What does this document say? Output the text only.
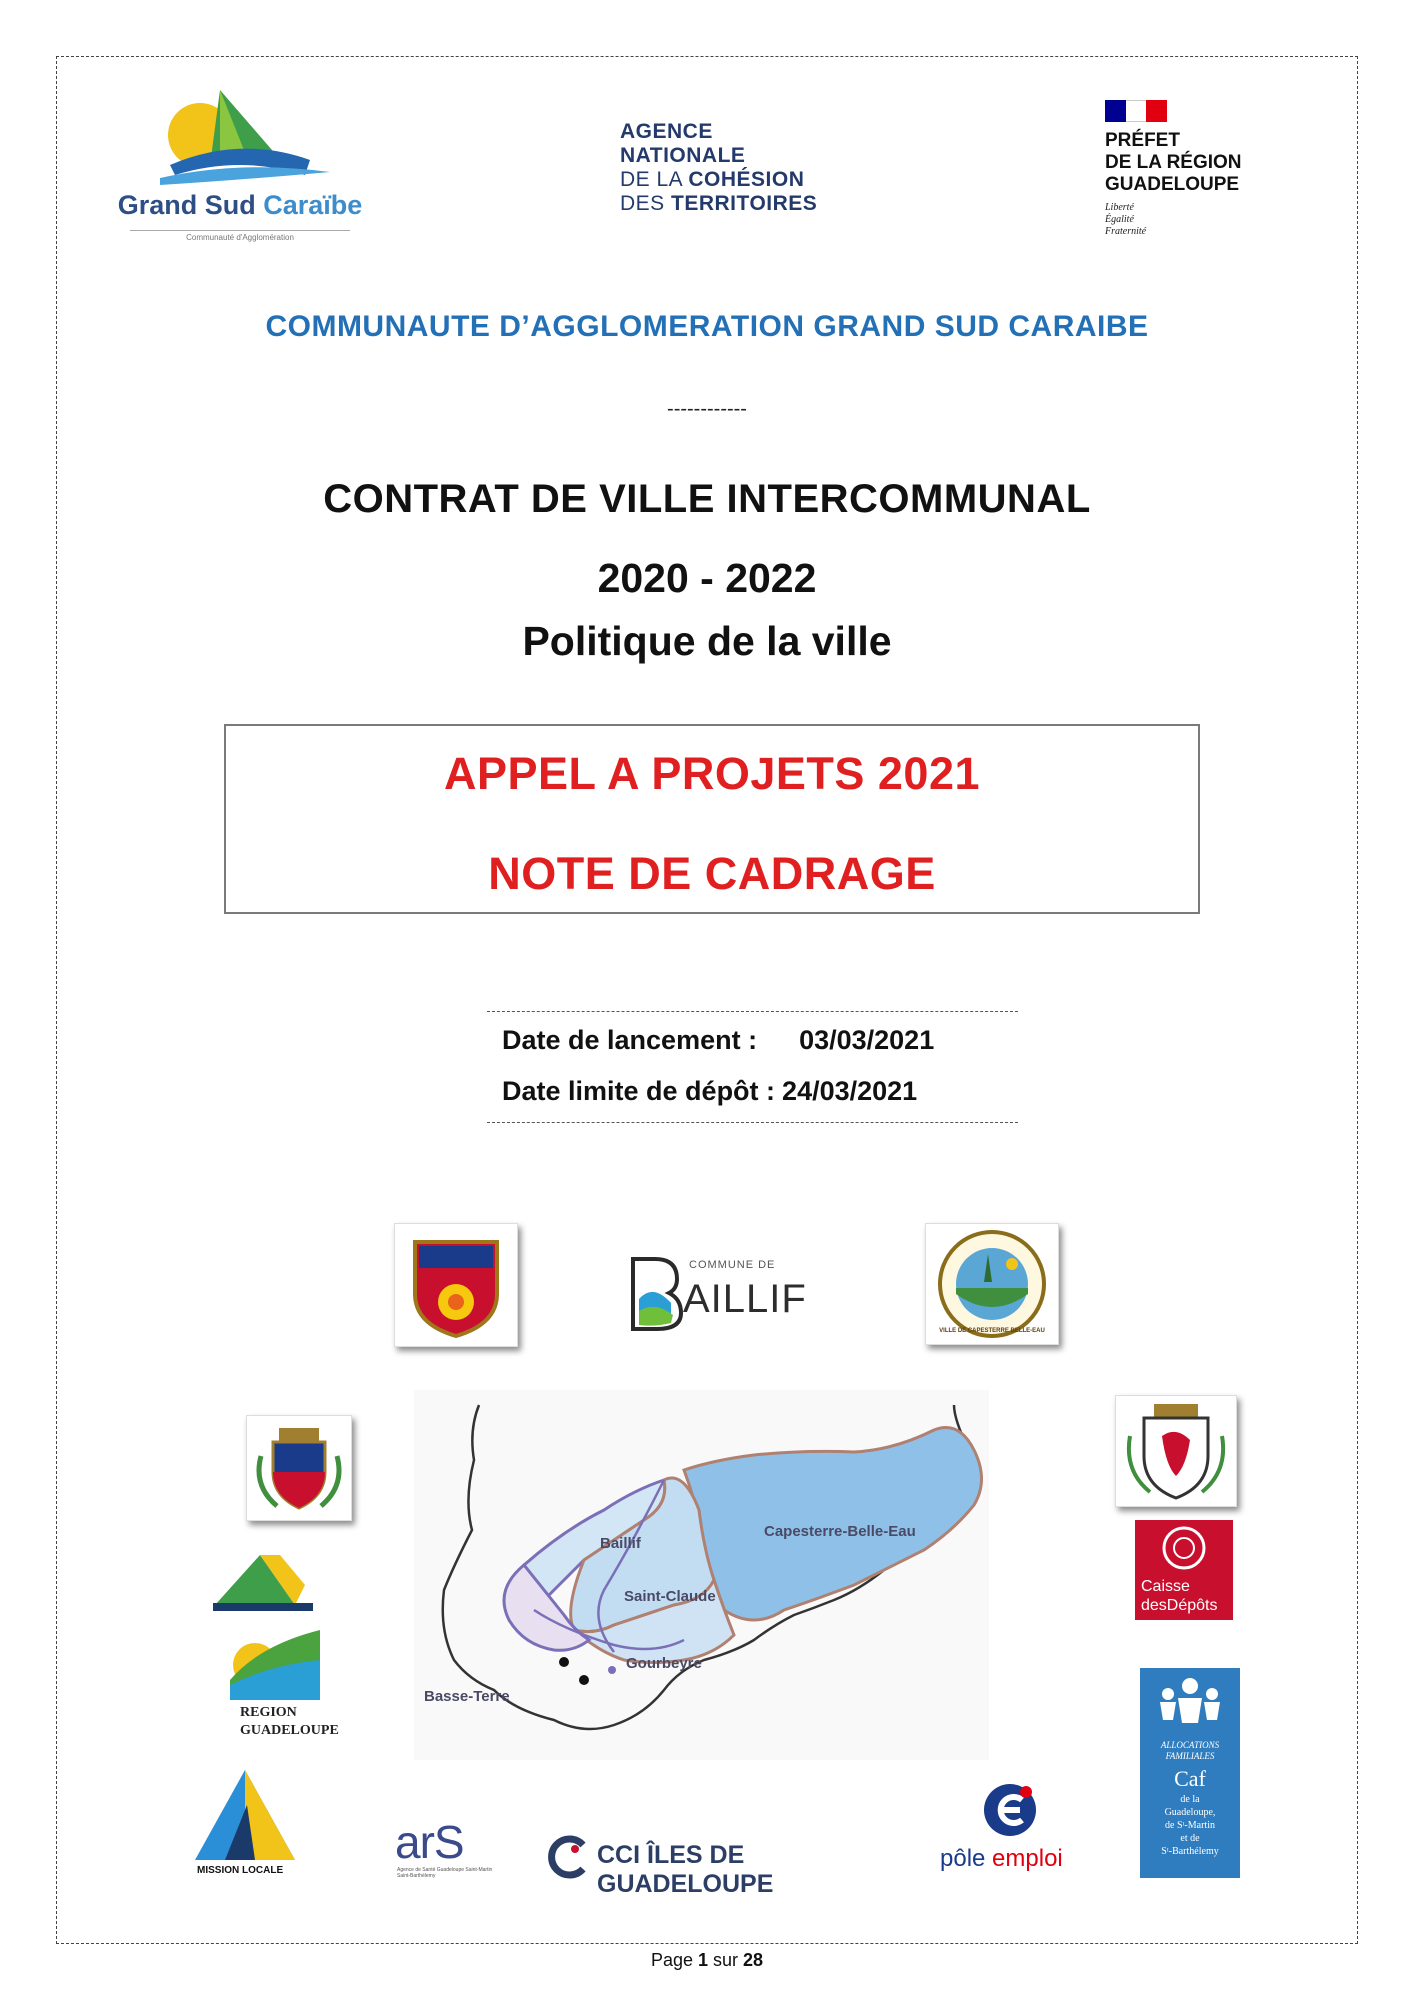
Grand Sud Caraïbe
Communauté d'Agglomération
AGENCE
NATIONALE
DE LA COHÉSION
DES TERRITOIRES
PRÉFET
DE LA RÉGION
GUADELOUPE
Liberté
Égalité
Fraternité
COMMUNAUTE D’AGGLOMERATION GRAND SUD CARAIBE
------------
CONTRAT DE VILLE INTERCOMMUNAL
2020 - 2022
Politique de la ville
APPEL A PROJETS 2021
NOTE DE CADRAGE
Date de lancement : 03/03/2021
Date limite de dépôt : 24/03/2021
COMMUNE DE
AILLIF
VILLE DE CAPESTERRE BELLE-EAU
Baillif
Saint-Claude
Capesterre-Belle-Eau
Gourbeyre
Basse-Terre
REGION
GUADELOUPE
MISSION LOCALE
Caisse
desDépôts
ALLOCATIONS
FAMILIALES
Caf
de la
Guadeloupe,
de Sᵗ-Martin
et de
Sᵗ-Barthélemy
arS
Agence de Santé Guadeloupe Saint-Martin Saint-Barthélemy
CCI ÎLES DE GUADELOUPE
pôle emploi
Page 1 sur 28
